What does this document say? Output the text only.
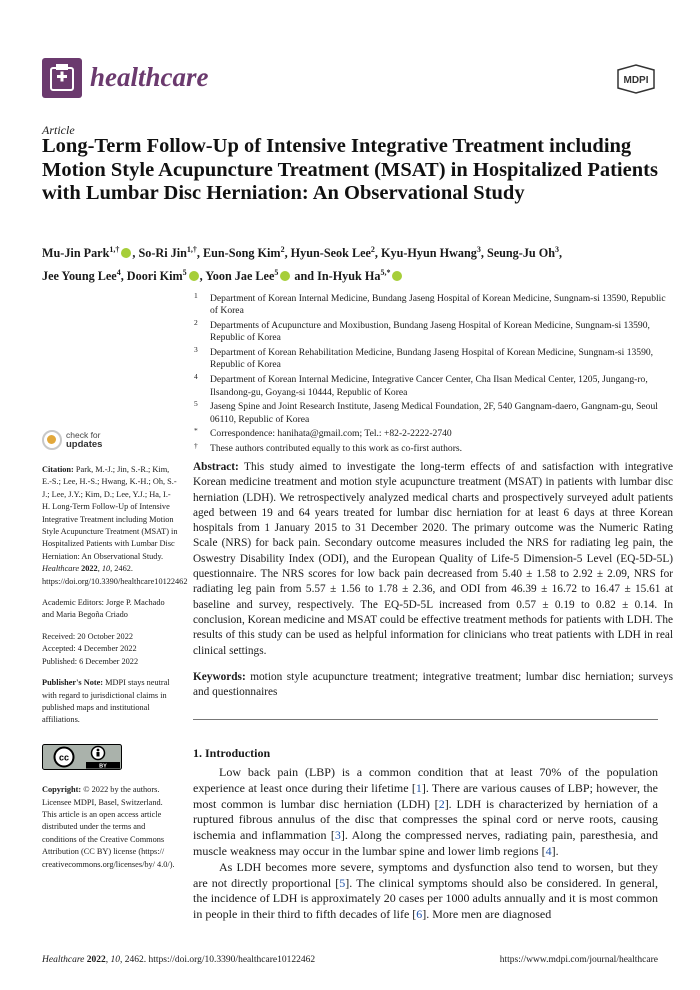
healthcare	MDPI
Article
Long-Term Follow-Up of Intensive Integrative Treatment including Motion Style Acupuncture Treatment (MSAT) in Hospitalized Patients with Lumbar Disc Herniation: An Observational Study
Mu-Jin Park$^{1,\dagger}$ , So-Ri Jin$^{1,\dagger}$, Eun-Song Kim$^2$, Hyun-Seok Lee$^2$, Kyu-Hyun Hwang$^3$, Seung-Ju Oh$^3$,
Jee Young Lee$^4$, Doori Kim$^5$ , Yoon Jae Lee$^5$ and In-Hyuk $Ha^{5,*}$
1 Department of Korean Internal Medicine, Bundang Jaseng Hospital of Korean Medicine, Sungnam-si 13590, Republic of Korea
2 Departments of Acupuncture and Moxibustion, Bundang Jaseng Hospital of Korean Medicine, Sungnam-si 13590, Republic of Korea
3 Department of Korean Rehabilitation Medicine, Bundang Jaseng Hospital of Korean Medicine, Sungnam-si 13590, Republic of Korea
4 Department of Korean Internal Medicine, Integrative Cancer Center, Cha Ilsan Medical Center, 1205, Jungang-ro, Ilsandong-gu, Goyang-si 10444, Republic of Korea
5 Jaseng Spine and Joint Research Institute, Jaseng Medical Foundation, 2F, 540 Gangnam-daero, Gangnam-gu, Seoul 06110, Republic of Korea
* Correspondence: hanihata@gmail.com; Tel.: +82-2-2222-2740
† These authors contributed equally to this work as co-first authors.
check for
updates
Citation: Park, M.-J.; Jin, S.-R.; Kim, E.-S.; Lee, H.-S.; Hwang, K.-H.; Oh, S.-J.; Lee, J.Y.; Kim, D.; Lee, Y.J.; Ha, I.-H. Long-Term Follow-Up of Intensive Integrative Treatment including Motion Style Acupuncture Treatment (MSAT) in Hospitalized Patients with Lumbar Disc Herniation: An Observational Study. Healthcare 2022, 10, 2462. https://doi.org/10.3390/healthcare10122462
Academic Editors: Jorge P. Machado and Maria Begoña Criado
Received: 20 October 2022
Accepted: 4 December 2022
Published: 6 December 2022
Publisher's Note: MDPI stays neutral with regard to jurisdictional claims in published maps and institutional affiliations.
cc
BY
Copyright: © 2022 by the authors. Licensee MDPI, Basel, Switzerland. This article is an open access article distributed under the terms and conditions of the Creative Commons Attribution (CC BY) license (https:// creativecommons.org/licenses/by/ 4.0/).
Abstract: This study aimed to investigate the long-term effects of and satisfaction with integrative Korean medicine treatment and motion style acupuncture treatment (MSAT) in patients with lumbar disc herniation (LDH). We retrospectively analyzed medical charts and prospectively surveyed adult patients aged between 19 and 64 years treated for lumbar disc herniation for at least 6 days at three Korean hospitals from 1 January 2015 to 31 December 2020. The primary outcome was the Numeric Rating Scale (NRS) for back pain. Secondary outcome measures included the NRS for radiating leg pain, the Oswestry Disability Index (ODI), and the European Quality of Life-5 Dimension-5 Level (EQ-5D-5L) questionnaire. The NRS scores for low back pain decreased from 5.40 ± 1.58 to 2.92 ± 2.09, NRS for radiating leg pain from 5.57 ± 1.56 to 1.78 ± 2.36, and ODI from 46.39 ± 16.72 to 16.47 ± 15.61 at baseline and survey, respectively. The EQ-5D-5L increased from 0.57 ± 0.19 to 0.82 ± 0.14. In conclusion, Korean medicine and MSAT could be effective treatment methods for patients with LDH. The results of this study can be used as helpful information for clinicians who treat patients with LDH in real clinical settings.
Keywords: motion style acupuncture treatment; integrative treatment; lumbar disc herniation; surveys and questionnaires
1. Introduction

Low back pain (LBP) is a common condition that at least 70% of the population experience at least once during their lifetime [1]. There are various causes of LBP; however, the most common is lumbar disc herniation (LDH) [2]. LDH is characterized by herniation of a ruptured fibrous annulus of the disc that compresses the spinal cord or nerve roots, causing ischemia and inflammation [3]. Along the compressed nerves, radiating pain, paresthesia, and muscle weakness may occur in the lumbar spine and lower limb regions [4].

As LDH becomes more severe, symptoms and dysfunction also tend to worsen, but they are not directly proportional [5]. The clinical symptoms should also be considered. In general, the incidence of LDH is approximately 20 cases per 1000 adults annually and it is most common in people in their third to fifth decades of life [6]. More men are diagnosed

Healthcare 2022, 10, 2462. https://doi.org/10.3390/healthcare10122462	https://www.mdpi.com/journal/healthcare
